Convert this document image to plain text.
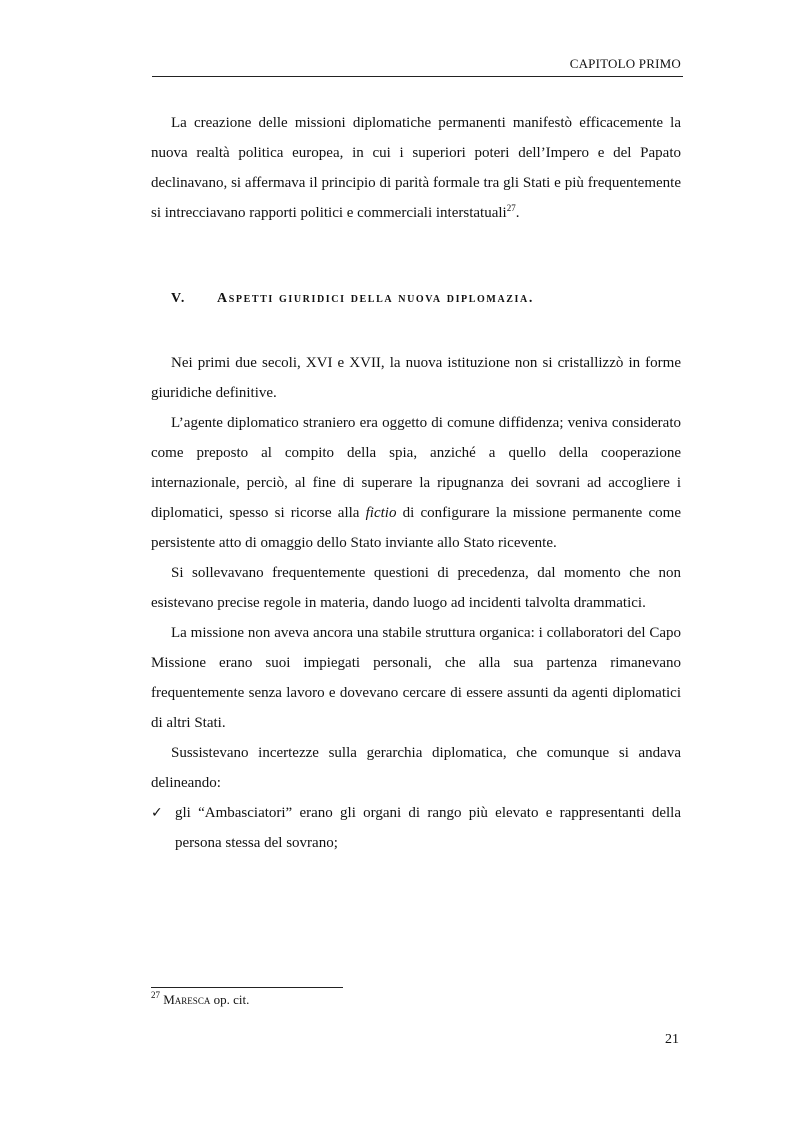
CAPITOLO PRIMO

La creazione delle missioni diplomatiche permanenti manifestò efficacemente la nuova realtà politica europea, in cui i superiori poteri dell’Impero e del Papato declinavano, si affermava il principio di parità formale tra gli Stati e più frequentemente si intrecciavano rapporti politici e commerciali interstatuali$^{27}$.

V. Aspetti giuridici della nuova diplomazia.

Nei primi due secoli, XVI e XVII, la nuova istituzione non si cristallizzò in forme giuridiche definitive.

L’agente diplomatico straniero era oggetto di comune diffidenza; veniva considerato come preposto al compito della spia, anziché a quello della cooperazione internazionale, perciò, al fine di superare la ripugnanza dei sovrani ad accogliere i diplomatici, spesso si ricorse alla fictio di configurare la missione permanente come persistente atto di omaggio dello Stato inviante allo Stato ricevente.

Si sollevavano frequentemente questioni di precedenza, dal momento che non esistevano precise regole in materia, dando luogo ad incidenti talvolta drammatici.

La missione non aveva ancora una stabile struttura organica: i collaboratori del Capo Missione erano suoi impiegati personali, che alla sua partenza rimanevano frequentemente senza lavoro e dovevano cercare di essere assunti da agenti diplomatici di altri Stati.

Sussistevano incertezze sulla gerarchia diplomatica, che comunque si andava delineando:

✓ gli “Ambasciatori” erano gli organi di rango più elevato e rappresentanti della persona stessa del sovrano;

$^{27}$ Maresca op. cit.
21
